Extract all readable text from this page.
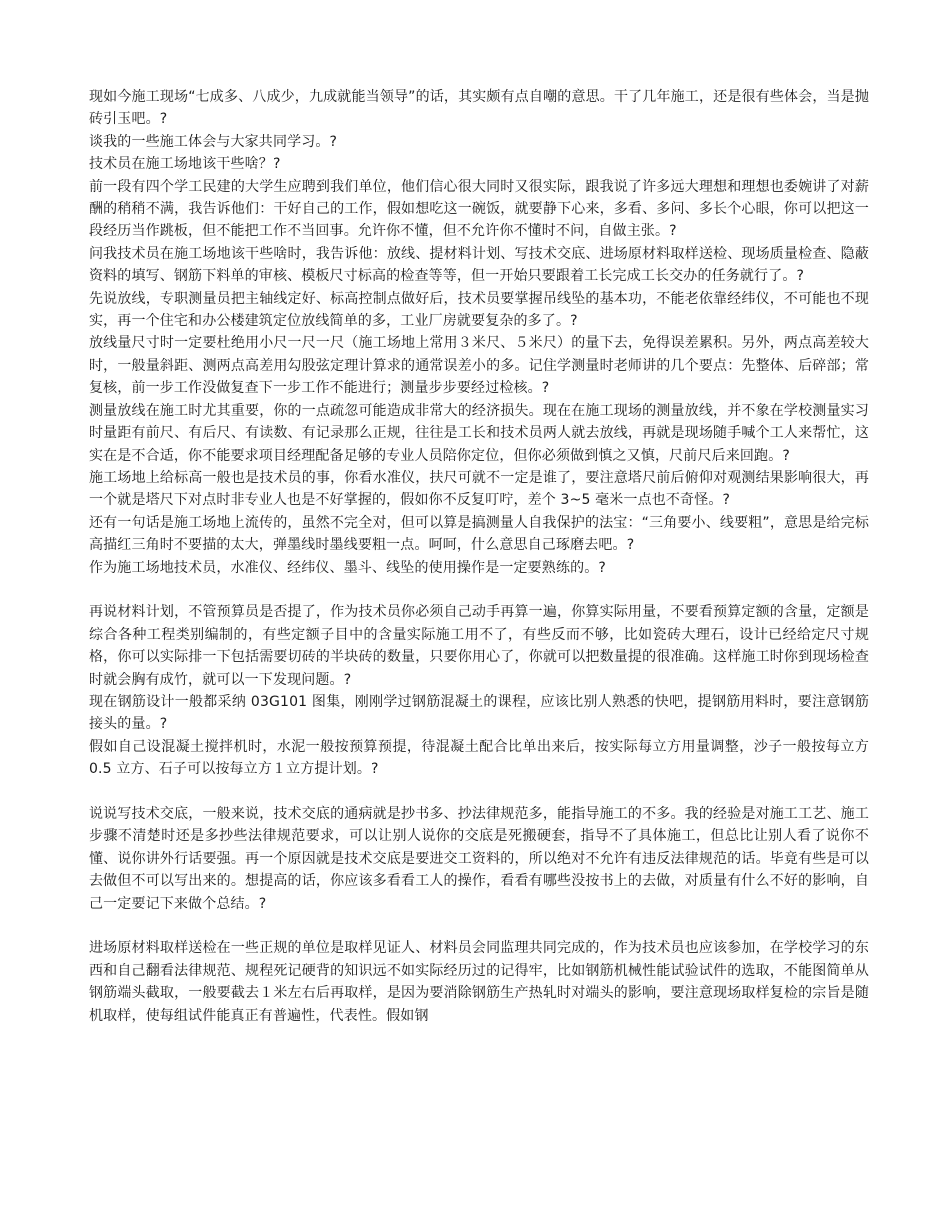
现如今施工现场“七成多、八成少，九成就能当领导”的话，其实颇有点自嘲的意思。干了几年施工，还是很有些体会，当是抛砖引玉吧。?

谈我的一些施工体会与大家共同学习。?

技术员在施工场地该干些啥？?

前一段有四个学工民建的大学生应聘到我们单位，他们信心很大同时又很实际，跟我说了许多远大理想和理想也委婉讲了对薪酬的稍稍不满，我告诉他们：干好自己的工作，假如想吃这一碗饭，就要静下心来，多看、多问、多长个心眼，你可以把这一段经历当作跳板，但不能把工作不当回事。允许你不懂，但不允许你不懂时不问，自做主张。?

问我技术员在施工场地该干些啥时，我告诉他：放线、提材料计划、写技术交底、进场原材料取样送检、现场质量检查、隐蔽资料的填写、钢筋下料单的审核、模板尺寸标高的检查等等，但一开始只要跟着工长完成工长交办的任务就行了。?

先说放线，专职测量员把主轴线定好、标高控制点做好后，技术员要掌握吊线坠的基本功，不能老依靠经纬仪，不可能也不现实，再一个住宅和办公楼建筑定位放线简单的多，工业厂房就要复杂的多了。?

放线量尺寸时一定要杜绝用小尺一尺一尺（施工场地上常用３米尺、５米尺）的量下去，免得误差累积。另外，两点高差较大时，一般量斜距、测两点高差用勾股弦定理计算求的通常误差小的多。记住学测量时老师讲的几个要点：先整体、后碎部；常复核，前一步工作没做复查下一步工作不能进行；测量步步要经过检核。?

测量放线在施工时尤其重要，你的一点疏忽可能造成非常大的经济损失。现在在施工现场的测量放线，并不象在学校测量实习时量距有前尺、有后尺、有读数、有记录那么正规，往往是工长和技术员两人就去放线，再就是现场随手喊个工人来帮忙，这实在是不合适，你不能要求项目经理配备足够的专业人员陪你定位，但你必须做到慎之又慎，尺前尺后来回跑。?

施工场地上给标高一般也是技术员的事，你看水准仪，扶尺可就不一定是谁了，要注意塔尺前后俯仰对观测结果影响很大，再一个就是塔尺下对点时非专业人也是不好掌握的，假如你不反复叮咛，差个 3~5 毫米一点也不奇怪。?

还有一句话是施工场地上流传的，虽然不完全对，但可以算是搞测量人自我保护的法宝：“三角要小、线要粗”，意思是给完标高描红三角时不要描的太大，弹墨线时墨线要粗一点。呵呵，什么意思自己琢磨去吧。?

作为施工场地技术员，水准仪、经纬仪、墨斗、线坠的使用操作是一定要熟练的。?

再说材料计划，不管预算员是否提了，作为技术员你必须自己动手再算一遍，你算实际用量，不要看预算定额的含量，定额是综合各种工程类别编制的，有些定额子目中的含量实际施工用不了，有些反而不够，比如瓷砖大理石，设计已经给定尺寸规格，你可以实际排一下包括需要切砖的半块砖的数量，只要你用心了，你就可以把数量提的很准确。这样施工时你到现场检查时就会胸有成竹，就可以一下发现问题。?

现在钢筋设计一般都采纳 03G101 图集，刚刚学过钢筋混凝土的课程，应该比别人熟悉的快吧，提钢筋用料时，要注意钢筋接头的量。?

假如自己设混凝土搅拌机时，水泥一般按预算预提，待混凝土配合比单出来后，按实际每立方用量调整，沙子一般按每立方 0.5 立方、石子可以按每立方１立方提计划。?

说说写技术交底，一般来说，技术交底的通病就是抄书多、抄法律规范多，能指导施工的不多。我的经验是对施工工艺、施工步骤不清楚时还是多抄些法律规范要求，可以让别人说你的交底是死搬硬套，指导不了具体施工，但总比让别人看了说你不懂、说你讲外行话要强。再一个原因就是技术交底是要进交工资料的，所以绝对不允许有违反法律规范的话。毕竟有些是可以去做但不可以写出来的。想提高的话，你应该多看看工人的操作，看看有哪些没按书上的去做，对质量有什么不好的影响，自己一定要记下来做个总结。?

进场原材料取样送检在一些正规的单位是取样见证人、材料员会同监理共同完成的，作为技术员也应该参加，在学校学习的东西和自己翻看法律规范、规程死记硬背的知识远不如实际经历过的记得牢，比如钢筋机械性能试验试件的选取，不能图简单从钢筋端头截取，一般要截去１米左右后再取样，是因为要消除钢筋生产热轧时对端头的影响，要注意现场取样复检的宗旨是随机取样，使每组试件能真正有普遍性，代表性。假如钢
